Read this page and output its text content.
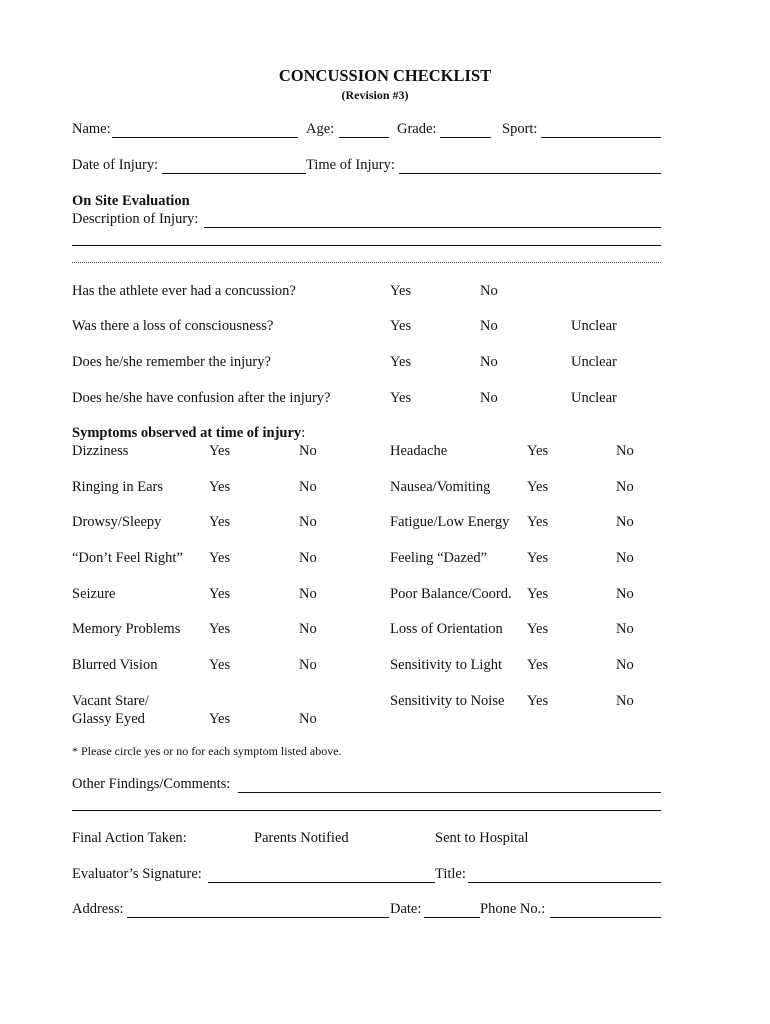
CONCUSSION CHECKLIST
(Revision #3)
Name:	Age:	Grade:	Sport:
Date of Injury:	Time of Injury:
On Site Evaluation
Description of Injury:
Has the athlete ever had a concussion?	Yes	No
Was there a loss of consciousness?	Yes	No	Unclear
Does he/she remember the injury?	Yes	No	Unclear
Does he/she have confusion after the injury?	Yes	No	Unclear
Symptoms observed at time of injury:
Dizziness	Yes	No
Ringing in Ears	Yes	No
Drowsy/Sleepy	Yes	No
“Don’t Feel Right” Yes	No
Seizure	Yes	No
Memory Problems Yes	No
Blurred Vision	Yes	No
Vacant Stare/
Glassy Eyed	Yes	No
Headache	Yes	No
Nausea/Vomiting	Yes	No
Fatigue/Low Energy Yes	No
Feeling “Dazed”	Yes	No
Poor Balance/Coord. Yes	No
Loss of Orientation Yes	No
Sensitivity to Light Yes	No
Sensitivity to Noise Yes	No
* Please circle yes or no for each symptom listed above.
Other Findings/Comments:
Final Action Taken:	Parents Notified	Sent to Hospital
Evaluator’s Signature:	Title:
Address:	Date:	Phone No.:
